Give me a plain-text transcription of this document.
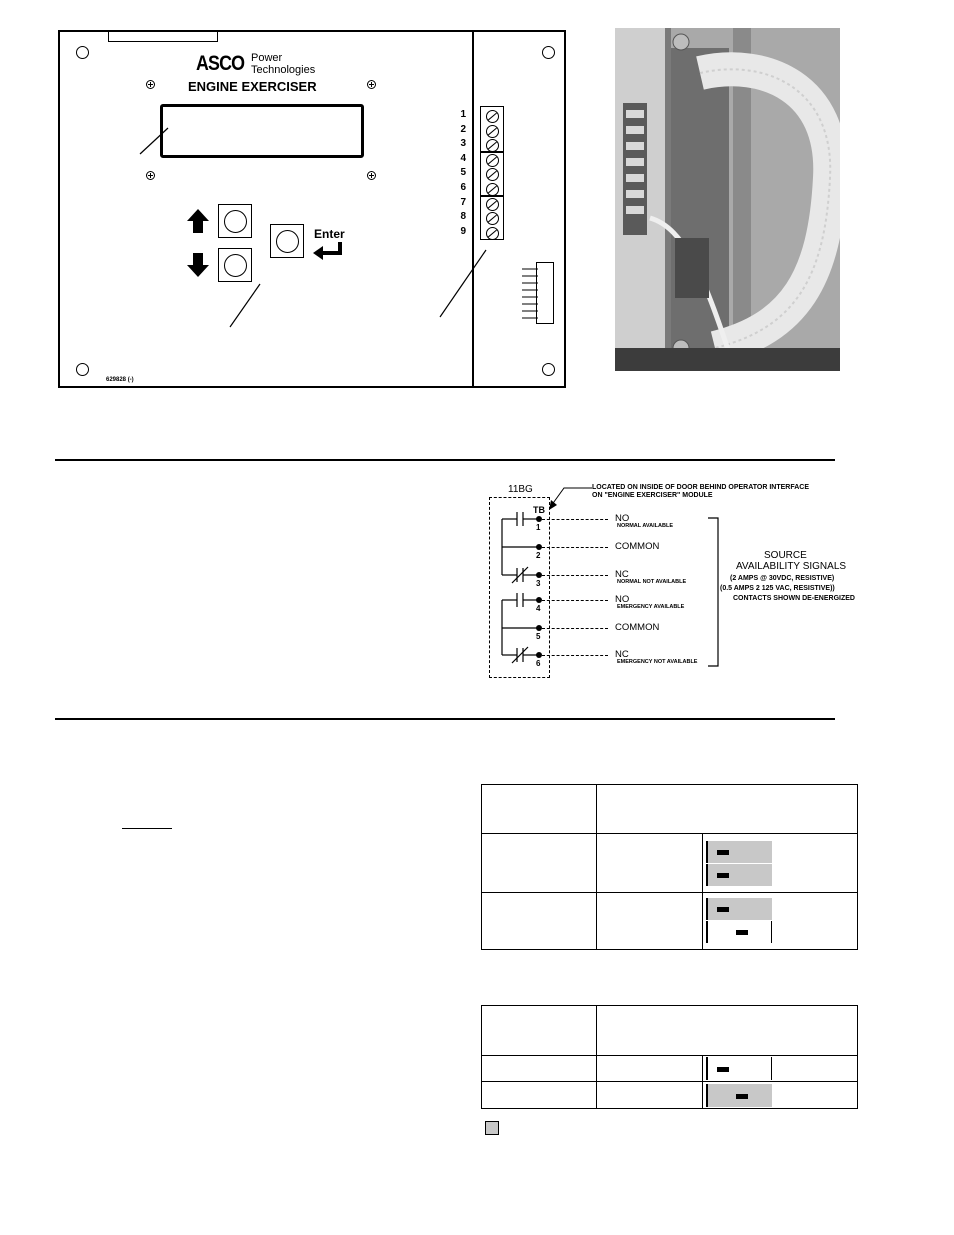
ASCO Power
Technologies
ENGINE EXERCISER
Enter
1
2
3
4
5
6
7
8
9
629828 (-)
11BG
TB
LOCATED ON INSIDE OF DOOR BEHIND OPERATOR INTERFACE
ON "ENGINE EXERCISER" MODULE
1
NO
NORMAL AVAILABLE
2
COMMON
3
NC
NORMAL NOT AVAILABLE
4
NO
EMERGENCY AVAILABLE
5
COMMON
6
NC
EMERGENCY NOT AVAILABLE
SOURCE
AVAILABILITY SIGNALS
(2 AMPS @ 30VDC, RESISTIVE)
(0.5 AMPS 2 125 VAC, RESISTIVE))
CONTACTS SHOWN DE-ENERGIZED
